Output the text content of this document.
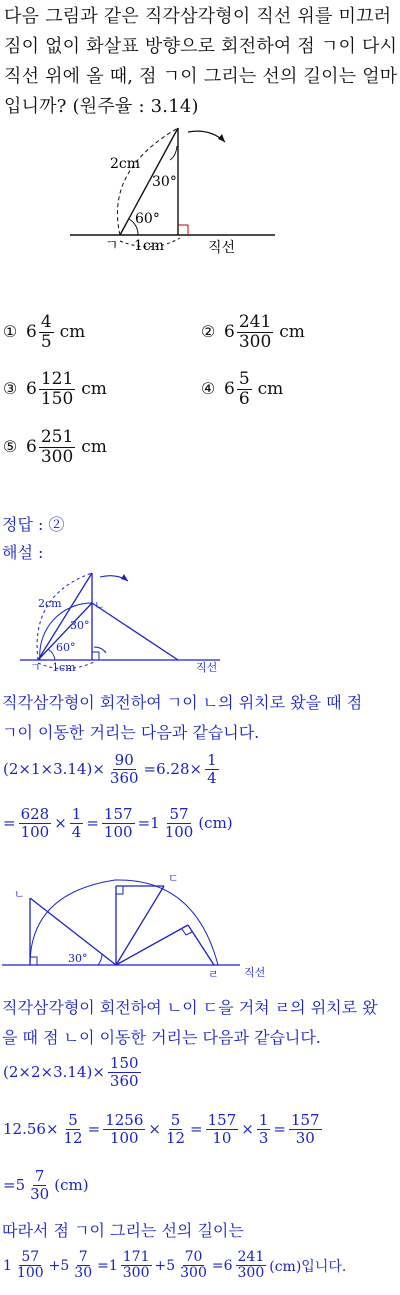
다음 그림과 같은 직각삼각형이 직선 위를 미끄러짐이 없이 화살표 방향으로 회전하여 점 ㄱ이 다시 직선 위에 올 때, 점 ㄱ이 그리는 선의 길이는 얼마입니까? (원주율 : 3.14)
2cm
30°
60°
ㄱ 1cm	직선
① $6 \frac{4}{5}$ cm	② $6 \frac{241}{300}$ cm
③ $6 \frac{121}{150}$ cm	④ $6 \frac{5}{6}$ cm
⑤ $6 \frac{251}{300}$ cm
정답 : ②
해설 :
2cm
30°
60°
ㄱ 1cm
ㄴ
직선
직각삼각형이 회전하여 ㄱ이 ㄴ의 위치로 왔을 때 점
ㄱ이 이동한 거리는 다음과 같습니다.
$(2\times 1\times 3.14)\times \frac{90}{360} =6.28\times \frac{1}{4}$
= $\frac{628}{100} \times \frac{1}{4} = \frac{157}{100} =1 \frac{57}{100} (cm)$
ㄴ
ㄷ
ㄹ
30°
직선
직각삼각형이 회전하여 ㄴ이 ㄷ을 거쳐 ㄹ의 위치로 왔
을 때 점 ㄴ이 이동한 거리는 다음과 같습니다.
$(2\times 2\times 3.14)\times \frac{150}{360}$
$12.56\times \frac{5}{12} = \frac{1256}{100} \times \frac{5}{12} = \frac{157}{10} \times \frac{1}{3} = \frac{157}{30}$
$=5 \frac{7}{30} (cm)$
따라서 점 ㄱ이 그리는 선의 길이는
$1 \frac{57}{100} +5 \frac{7}{30} =1 \frac{171}{300} +5 \frac{70}{300} =6 \frac{241}{300} (cm)$입니다.
